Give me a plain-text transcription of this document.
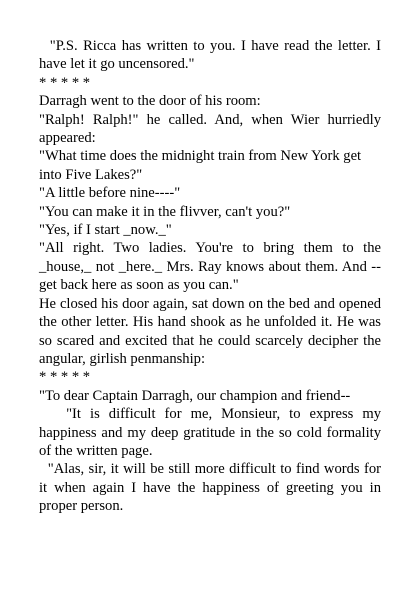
"P.S. Ricca has written to you. I have read the letter. I have let it go uncensored."

* * * * *

Darragh went to the door of his room:

"Ralph! Ralph!" he called. And, when Wier hurriedly appeared:

"What time does the midnight train from New York get into Five Lakes?"

"A little before nine----"

"You can make it in the flivver, can't you?"

"Yes, if I start _now._"

"All right. Two ladies. You're to bring them to the _house,_ not _here._ Mrs. Ray knows about them. And -- get back here as soon as you can."

He closed his door again, sat down on the bed and opened the other letter. His hand shook as he unfolded it. He was so scared and excited that he could scarcely decipher the angular, girlish penmanship:

* * * * *

"To dear Captain Darragh, our champion and friend--

"It is difficult for me, Monsieur, to express my happiness and my deep gratitude in the so cold formality of the written page.

"Alas, sir, it will be still more difficult to find words for it when again I have the happiness of greeting you in proper person.
